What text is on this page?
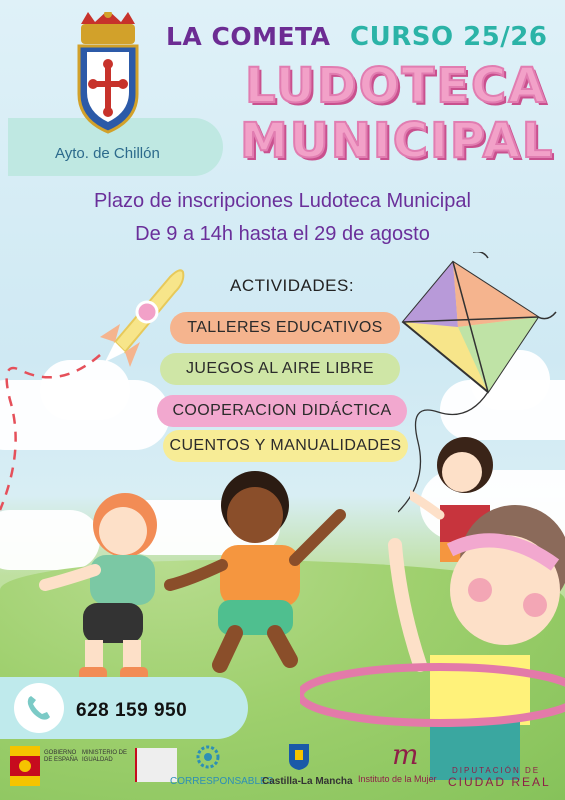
Ayto. de Chillón
LA COMETA CURSO 25/26
LUDOTECA
MUNICIPAL
Plazo de inscripciones Ludoteca Municipal
De 9 a 14h hasta el 29 de agosto
ACTIVIDADES:
TALLERES EDUCATIVOS
JUEGOS AL AIRE LIBRE
COOPERACION DIDÁCTICA
CUENTOS Y MANUALIDADES
628 159 950
GOBIERNO DE ESPAÑA
MINISTERIO DE IGUALDAD
CORRESPONSABLES
Castilla-La Mancha
m
Instituto de la Mujer
DIPUTACIÓN DE
CIUDAD REAL
